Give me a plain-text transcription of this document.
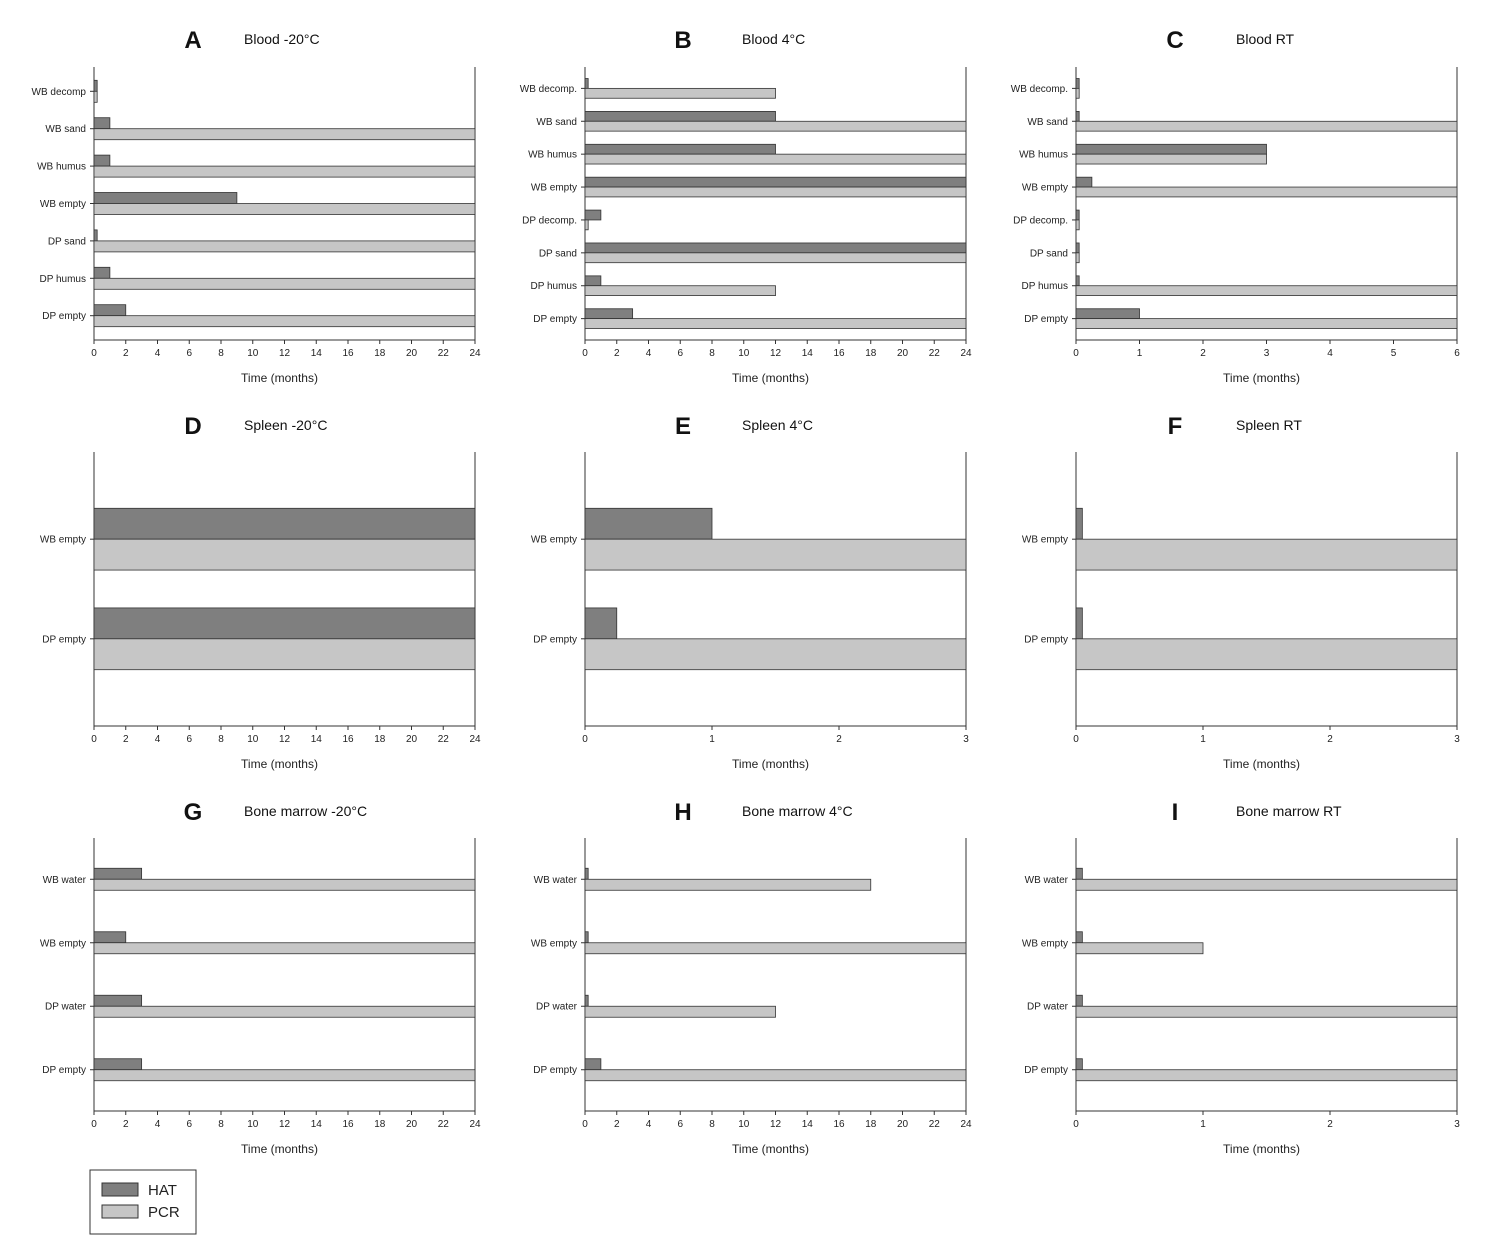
A	Blood -20°C
WB decomp
WB sand
WB humus
WB empty
DP sand
DP humus
DP empty
0	2	4	6	8 10 12 14 16 18 20 22 24
Time (months)
B	Blood 4°C
WB decomp.
WB sand
WB humus
WB empty
DP decomp.
DP sand
DP humus
DP empty
0	2	4	6	8 10 12 14 16 18 20 22 24
Time (months)
C	Blood RT
WB decomp.
WB sand
WB humus
WB empty
DP decomp.
DP sand
DP humus
DP empty
0	1	2	3	4	5	6
Time (months)
D	Spleen -20°C
WB empty
DP empty
0	2	4	6	8 10 12 14 16 18 20 22 24
Time (months)
E	Spleen 4°C
WB empty
DP empty
0	1	2	3
Time (months)
F	Spleen RT
WB empty
DP empty
0	1	2	3
Time (months)
G	Bone marrow -20°C
WB water
WB empty
DP water
DP empty
0	2	4	6	8 10 12 14 16 18 20 22 24
Time (months)
H	Bone marrow 4°C
WB water
WB empty
DP water
DP empty
0	2	4	6	8 10 12 14 16 18 20 22 24
Time (months)
I	Bone marrow RT
WB water
WB empty
DP water
DP empty
0	1	2	3
Time (months)
HAT
PCR
